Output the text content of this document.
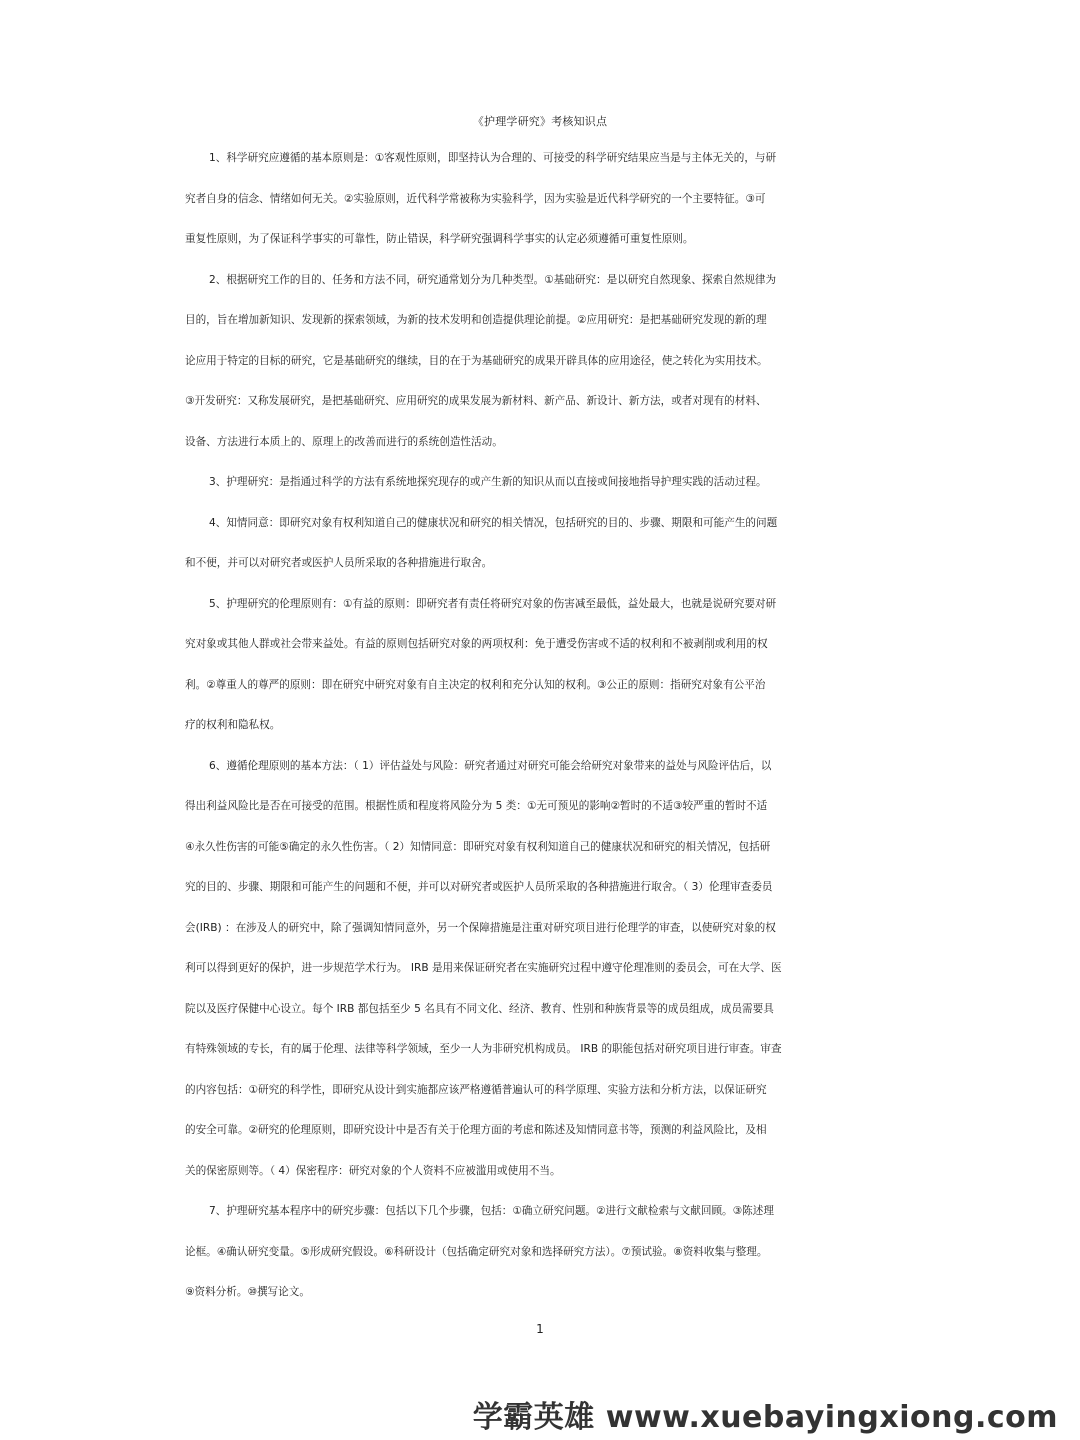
《护理学研究》考核知识点
1、科学研究应遵循的基本原则是：①客观性原则，即坚持认为合理的、可接受的科学研究结果应当是与主体无关的，与研
究者自身的信念、情绪如何无关。②实验原则，近代科学常被称为实验科学，因为实验是近代科学研究的一个主要特征。③可
重复性原则，为了保证科学事实的可靠性，防止错误，科学研究强调科学事实的认定必须遵循可重复性原则。
2、根据研究工作的目的、任务和方法不同，研究通常划分为几种类型。①基础研究：是以研究自然现象、探索自然规律为
目的，旨在增加新知识、发现新的探索领域，为新的技术发明和创造提供理论前提。②应用研究：是把基础研究发现的新的理
论应用于特定的目标的研究，它是基础研究的继续，目的在于为基础研究的成果开辟具体的应用途径，使之转化为实用技术。
③开发研究：又称发展研究，是把基础研究、应用研究的成果发展为新材料、新产品、新设计、新方法，或者对现有的材料、
设备、方法进行本质上的、原理上的改善而进行的系统创造性活动。
3、护理研究：是指通过科学的方法有系统地探究现存的或产生新的知识从而以直接或间接地指导护理实践的活动过程。
4、知情同意：即研究对象有权利知道自己的健康状况和研究的相关情况，包括研究的目的、步骤、期限和可能产生的问题
和不便，并可以对研究者或医护人员所采取的各种措施进行取舍。
5、护理研究的伦理原则有：①有益的原则：即研究者有责任将研究对象的伤害减至最低，益处最大，也就是说研究要对研
究对象或其他人群或社会带来益处。有益的原则包括研究对象的两项权利：免于遭受伤害或不适的权利和不被剥削或利用的权
利。②尊重人的尊严的原则：即在研究中研究对象有自主决定的权利和充分认知的权利。③公正的原则：指研究对象有公平治
疗的权利和隐私权。
6、遵循伦理原则的基本方法：（ 1）评估益处与风险：研究者通过对研究可能会给研究对象带来的益处与风险评估后，以
得出利益风险比是否在可接受的范围。根据性质和程度将风险分为 5 类：①无可预见的影响②暂时的不适③较严重的暂时不适
④永久性伤害的可能⑤确定的永久性伤害。（ 2）知情同意：即研究对象有权利知道自己的健康状况和研究的相关情况，包括研
究的目的、步骤、期限和可能产生的问题和不便，并可以对研究者或医护人员所采取的各种措施进行取舍。（ 3）伦理审查委员
会(IRB) ：在涉及人的研究中，除了强调知情同意外，另一个保障措施是注重对研究项目进行伦理学的审查，以使研究对象的权
利可以得到更好的保护，进一步规范学术行为。 IRB 是用来保证研究者在实施研究过程中遵守伦理准则的委员会，可在大学、医
院以及医疗保健中心设立。每个 IRB 都包括至少 5 名具有不同文化、经济、教育、性别和种族背景等的成员组成，成员需要具
有特殊领域的专长，有的属于伦理、法律等科学领域，至少一人为非研究机构成员。 IRB 的职能包括对研究项目进行审查。审查
的内容包括：①研究的科学性，即研究从设计到实施都应该严格遵循普遍认可的科学原理、实验方法和分析方法，以保证研究
的安全可靠。②研究的伦理原则，即研究设计中是否有关于伦理方面的考虑和陈述及知情同意书等，预测的利益风险比，及相
关的保密原则等。（ 4）保密程序：研究对象的个人资料不应被滥用或使用不当。
7、护理研究基本程序中的研究步骤：包括以下几个步骤，包括：①确立研究问题。②进行文献检索与文献回顾。③陈述理
论框。④确认研究变量。⑤形成研究假设。⑥科研设计（包括确定研究对象和选择研究方法）。⑦预试验。⑧资料收集与整理。
⑨资料分析。⑩撰写论文。
1
学霸英雄 www.xuebayingxiong.com
